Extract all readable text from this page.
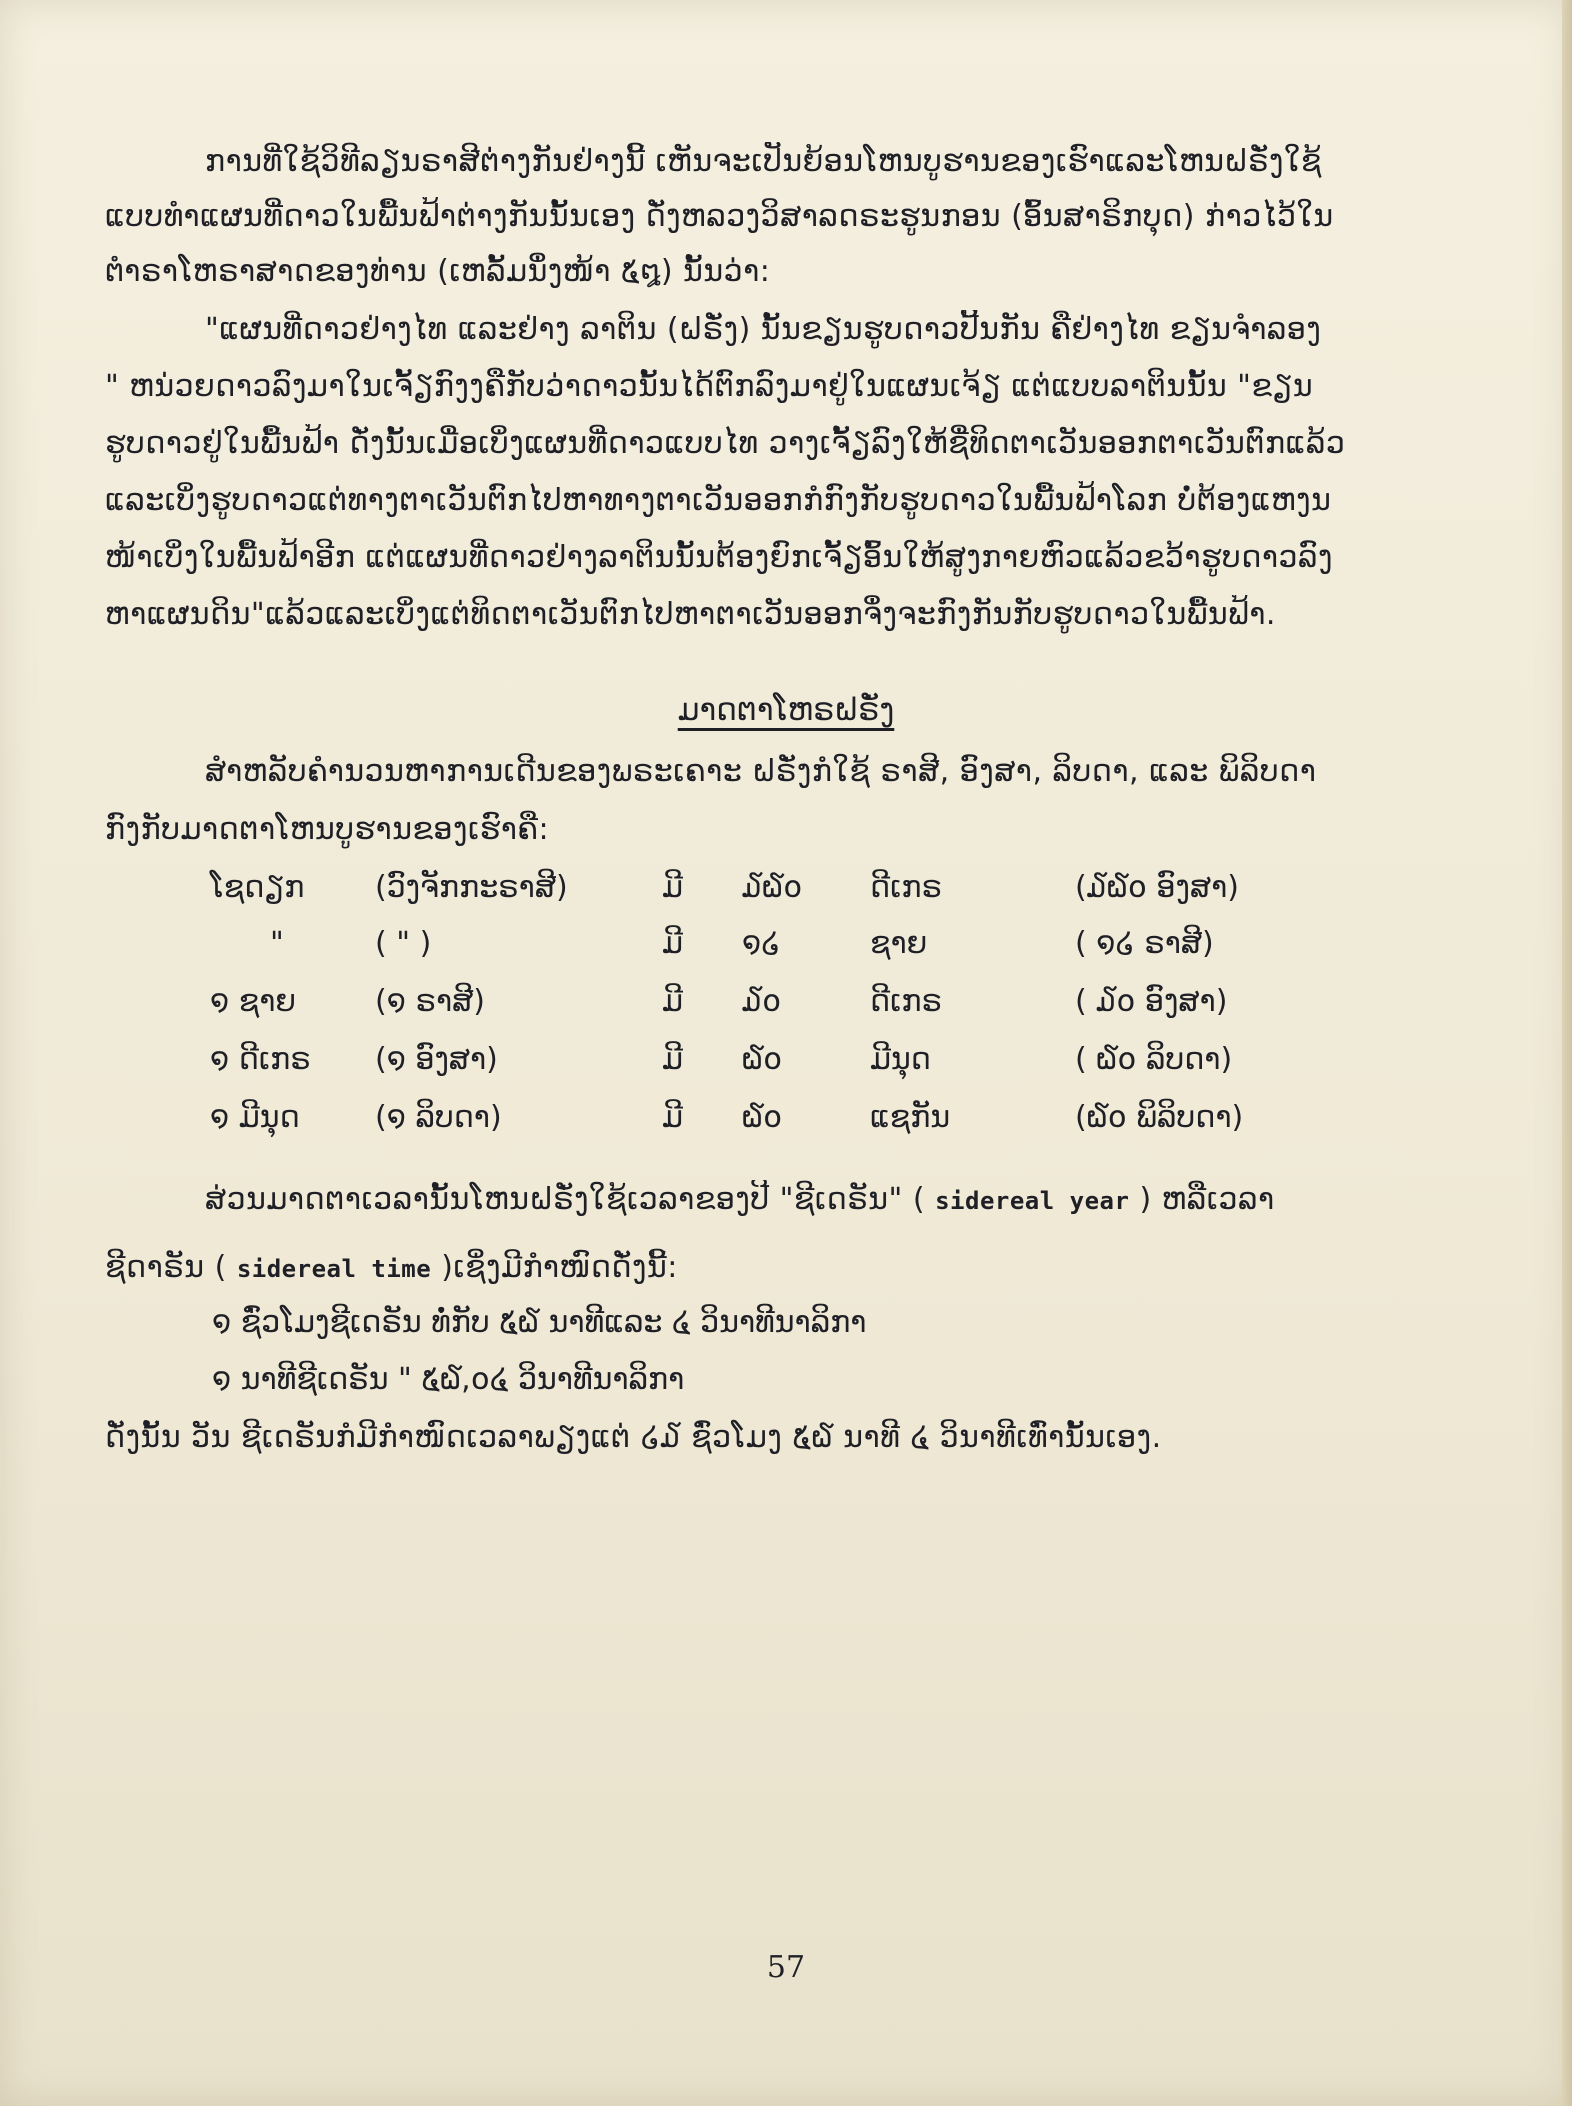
ການທີ່ໃຊ້ວິທີລຽນຣາສີຕ່າງກັນຢ່າງນີ້ ເຫັນຈະເປັນຍ້ອນໂຫນບູຮານຂອງເຮົາແລະໂຫນຝຣັ່ງໃຊ້
ແບບທຳແຜນທີ່ດາວໃນພື້ນຟ້າຕ່າງກັນນັ້ນເອງ ດັ່ງຫລວງວິສາລດຣະຮູນກອນ (ອົ້ນສາຣິກບຸດ) ກ່າວໄວ້ໃນ
ຕຳຣາໂຫຣາສາດຂອງທ່ານ (ເຫລັ້ມນຶ່ງໜ້າ ໕໘) ນັ້ນວ່າ:
"ແຜນທີ່ດາວຢ່າງໄທ ແລະຢ່າງ ລາຕິນ (ຝຣັ່ງ) ນັ້ນຂຽນຮູບດາວປີ້ນກັນ ຄືຢ່າງໄທ ຂຽນຈຳລອງ
" ຫນ່ວຍດາວລົງມາໃນເຈັ້ຽກົງງຄືກັບວ່າດາວນັ້ນໄດ້ຕົກລົງມາຢູ່ໃນແຜນເຈ້ຽ ແຕ່ແບບລາຕິນນັ້ນ "ຂຽນ
ຮູບດາວຢູ່ໃນພື້ນຟ້າ ດັ່ງນັ້ນເມື່ອເບິ່ງແຜນທີ່ດາວແບບໄທ ວາງເຈັ້ຽລົງໃຫ້ຊື່ທິດຕາເວັນອອກຕາເວັນຕົກແລ້ວ
ແລະເບິ່ງຮູບດາວແຕ່ທາງຕາເວັນຕົກໄປຫາທາງຕາເວັນອອກກໍກົງກັບຮູບດາວໃນພື້ນຟ້າໂລກ ບໍ່ຕ້ອງແຫງນ
ໜ້າເບິ່ງໃນພື້ນຟ້າອີກ ແຕ່ແຜນທີ່ດາວຢ່າງລາຕິນນັ້ນຕ້ອງຍົກເຈັ້ຽອົ້ນໃຫ້ສູງກາຍຫົວແລ້ວຂວ້າຮູບດາວລົງ
ຫາແຜນດິນ"ແລ້ວແລະເບິ່ງແຕ່ທິດຕາເວັນຕົກໄປຫາຕາເວັນອອກຈຶ່ງຈະກົງກັນກັບຮູບດາວໃນພື້ນຟ້າ.
ມາດຕາໂຫຣຝຣັ່ງ
ສຳຫລັບຄຳນວນຫາການເດີນຂອງພຣະເຄາະ ຝຣັ່ງກໍໃຊ້ ຣາສີ, ອົງສາ, ລິບດາ, ແລະ ພິລິບດາ
ກົງກັບມາດຕາໂຫນບູຮານຂອງເຮົາຄື:
ໂຊດຽກ (ວົງຈັກກະຣາສີ)	ມີ ໓໖໐ ດີເກຣ	(໓໖໐ ອົງສາ)
"	( " )	ມີ ໑໒	ຊາຍ	( ໑໒ ຣາສີ)
໑ ຊາຍ	(໑ ຣາສີ)	ມີ ໓໐	ດີເກຣ	( ໓໐ ອົງສາ)
໑ ດີເກຣ (໑ ອົງສາ)	ມີ ໖໐	ມີນຸດ	( ໖໐ ລິບດາ)
໑ ມີນຸດ	(໑ ລິບດາ)	ມີ ໖໐	ແຊກັນ	(໖໐ ພິລິບດາ)
ສ່ວນມາດຕາເວລານັ້ນໂຫນຝຣັ່ງໃຊ້ເວລາຂອງປີ "ຊີເດຣັນ" ( sidereal year ) ຫລືເວລາ
ຊີດາຣັນ ( sidereal time )ເຊິ່ງມີກຳໜົດດັ່ງນີ້:
໑ ຊົ່ວໂມງຊີເດຣັນ ທໍ່ກັບ ໕໖ ນາທີແລະ ໔ ວິນາທີນາລິກາ
໑ ນາທີຊີເດຣັນ " ໕໖,໐໔ ວິນາທີນາລິກາ
ດັ່ງນັ້ນ ວັນ ຊີເດຣັນກໍມີກຳໜົດເວລາພຽງແຕ່ ໒໓ ຊົ່ວໂມງ ໕໖ ນາທີ ໔ ວິນາທີເທົ່ານັ້ນເອງ.
57
